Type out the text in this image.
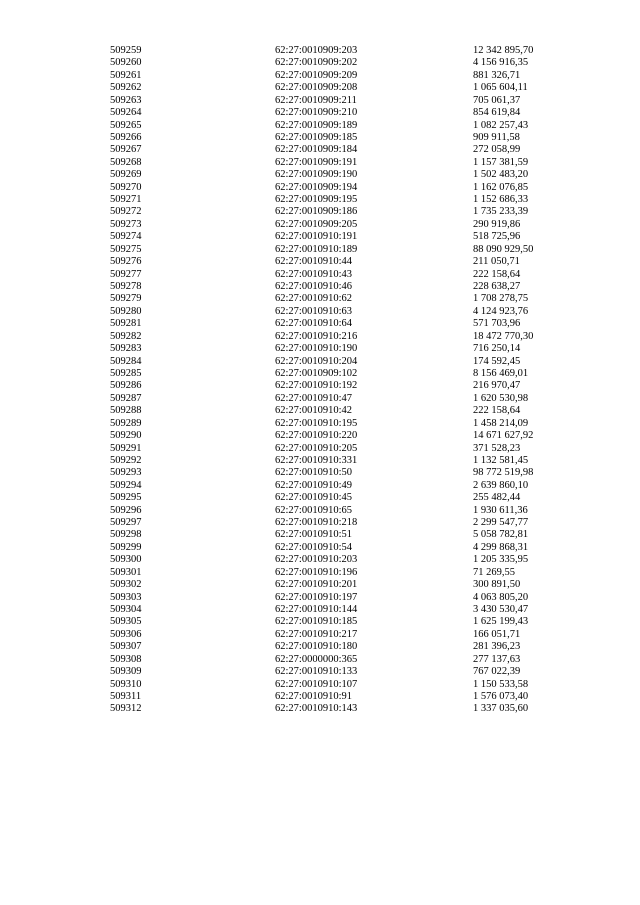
509259	62:27:0010909:203	12 342 895,70
509260	62:27:0010909:202	4 156 916,35
509261	62:27:0010909:209	881 326,71
509262	62:27:0010909:208	1 065 604,11
509263	62:27:0010909:211	705 061,37
509264	62:27:0010909:210	854 619,84
509265	62:27:0010909:189	1 082 257,43
509266	62:27:0010909:185	909 911,58
509267	62:27:0010909:184	272 058,99
509268	62:27:0010909:191	1 157 381,59
509269	62:27:0010909:190	1 502 483,20
509270	62:27:0010909:194	1 162 076,85
509271	62:27:0010909:195	1 152 686,33
509272	62:27:0010909:186	1 735 233,39
509273	62:27:0010909:205	290 919,86
509274	62:27:0010910:191	518 725,96
509275	62:27:0010910:189	88 090 929,50
509276	62:27:0010910:44	211 050,71
509277	62:27:0010910:43	222 158,64
509278	62:27:0010910:46	228 638,27
509279	62:27:0010910:62	1 708 278,75
509280	62:27:0010910:63	4 124 923,76
509281	62:27:0010910:64	571 703,96
509282	62:27:0010910:216	18 472 770,30
509283	62:27:0010910:190	716 250,14
509284	62:27:0010910:204	174 592,45
509285	62:27:0010909:102	8 156 469,01
509286	62:27:0010910:192	216 970,47
509287	62:27:0010910:47	1 620 530,98
509288	62:27:0010910:42	222 158,64
509289	62:27:0010910:195	1 458 214,09
509290	62:27:0010910:220	14 671 627,92
509291	62:27:0010910:205	371 528,23
509292	62:27:0010910:331	1 132 581,45
509293	62:27:0010910:50	98 772 519,98
509294	62:27:0010910:49	2 639 860,10
509295	62:27:0010910:45	255 482,44
509296	62:27:0010910:65	1 930 611,36
509297	62:27:0010910:218	2 299 547,77
509298	62:27:0010910:51	5 058 782,81
509299	62:27:0010910:54	4 299 868,31
509300	62:27:0010910:203	1 205 335,95
509301	62:27:0010910:196	71 269,55
509302	62:27:0010910:201	300 891,50
509303	62:27:0010910:197	4 063 805,20
509304	62:27:0010910:144	3 430 530,47
509305	62:27:0010910:185	1 625 199,43
509306	62:27:0010910:217	166 051,71
509307	62:27:0010910:180	281 396,23
509308	62:27:0000000:365	277 137,63
509309	62:27:0010910:133	767 022,39
509310	62:27:0010910:107	1 150 533,58
509311	62:27:0010910:91	1 576 073,40
509312	62:27:0010910:143	1 337 035,60
